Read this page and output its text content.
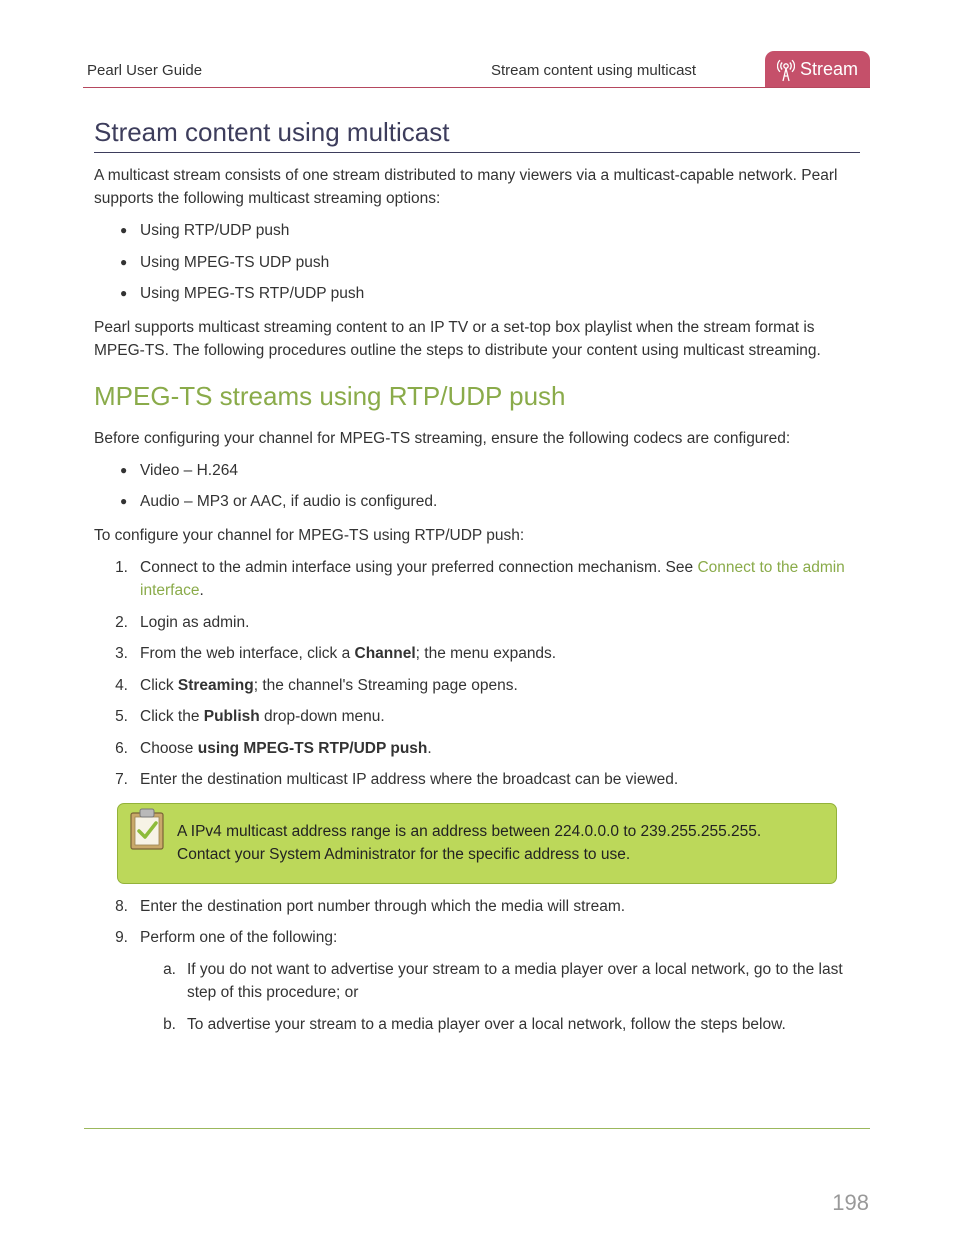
Pearl User Guide	Stream content using multicast	Stream
Stream content using multicast
A multicast stream consists of one stream distributed to many viewers via a multicast-capable network. Pearl supports the following multicast streaming options:
● Using RTP/UDP push
● Using MPEG-TS UDP push
● Using MPEG-TS RTP/UDP push
Pearl supports multicast streaming content to an IP TV or a set-top box playlist when the stream format is MPEG-TS. The following procedures outline the steps to distribute your content using multicast streaming.
MPEG-TS streams using RTP/UDP push
Before configuring your channel for MPEG-TS streaming, ensure the following codecs are configured:
● Video – H.264
● Audio – MP3 or AAC, if audio is configured.
To configure your channel for MPEG-TS using RTP/UDP push:
1. Connect to the admin interface using your preferred connection mechanism. See Connect to the admin interface.
2. Login as admin.
3. From the web interface, click a Channel; the menu expands.
4. Click Streaming; the channel's Streaming page opens.
5. Click the Publish drop-down menu.
6. Choose using MPEG-TS RTP/UDP push.
7. Enter the destination multicast IP address where the broadcast can be viewed.
A IPv4 multicast address range is an address between 224.0.0.0 to 239.255.255.255.
Contact your System Administrator for the specific address to use.
8. Enter the destination port number through which the media will stream.
9. Perform one of the following:
a. If you do not want to advertise your stream to a media player over a local network, go to the last step of this procedure; or
b. To advertise your stream to a media player over a local network, follow the steps below.
198
